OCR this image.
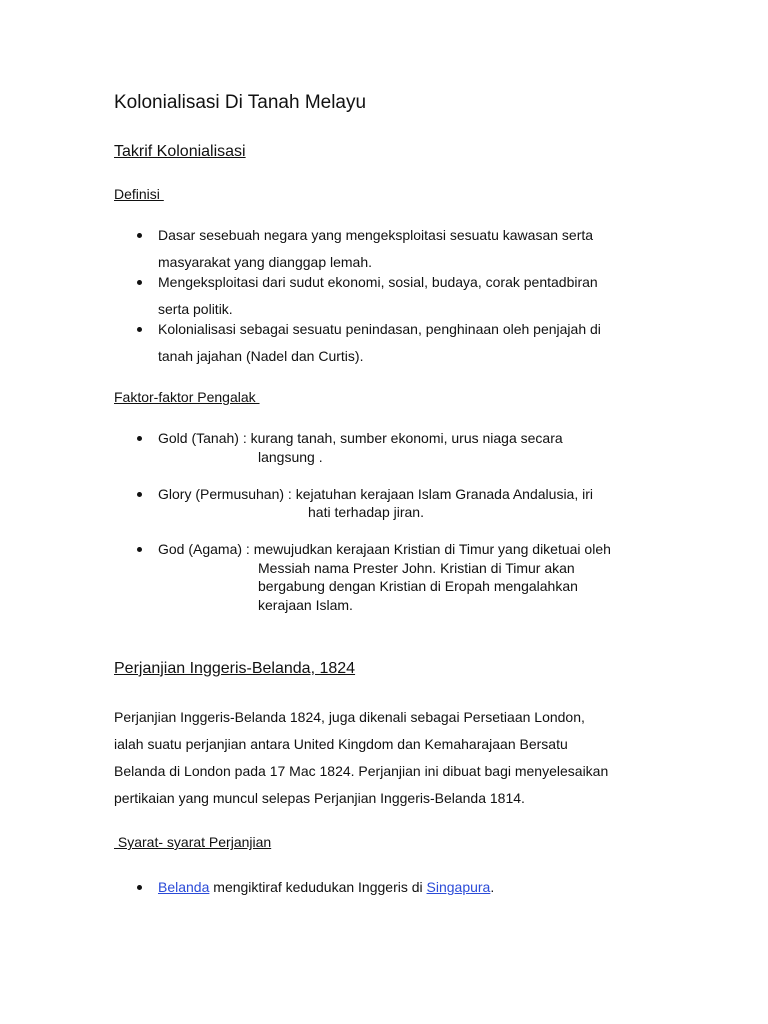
Kolonialisasi Di Tanah Melayu
Takrif Kolonialisasi
Definisi
Dasar sesebuah negara yang mengeksploitasi sesuatu kawasan serta
masyarakat yang dianggap lemah.
Mengeksploitasi dari sudut ekonomi, sosial, budaya, corak pentadbiran
serta politik.
Kolonialisasi sebagai sesuatu penindasan, penghinaan oleh penjajah di
tanah jajahan (Nadel dan Curtis).
Faktor-faktor Pengalak
Gold (Tanah) : kurang tanah, sumber ekonomi, urus niaga secara
langsung .
Glory (Permusuhan) : kejatuhan kerajaan Islam Granada Andalusia, iri
hati terhadap jiran.
God (Agama) : mewujudkan kerajaan Kristian di Timur yang diketuai oleh
Messiah nama Prester John. Kristian di Timur akan
bergabung dengan Kristian di Eropah mengalahkan
kerajaan Islam.
Perjanjian Inggeris-Belanda, 1824
Perjanjian Inggeris-Belanda 1824, juga dikenali sebagai Persetiaan London,
ialah suatu perjanjian antara United Kingdom dan Kemaharajaan Bersatu
Belanda di London pada 17 Mac 1824. Perjanjian ini dibuat bagi menyelesaikan
pertikaian yang muncul selepas Perjanjian Inggeris-Belanda 1814.
Syarat- syarat Perjanjian
Belanda mengiktiraf kedudukan Inggeris di Singapura.
